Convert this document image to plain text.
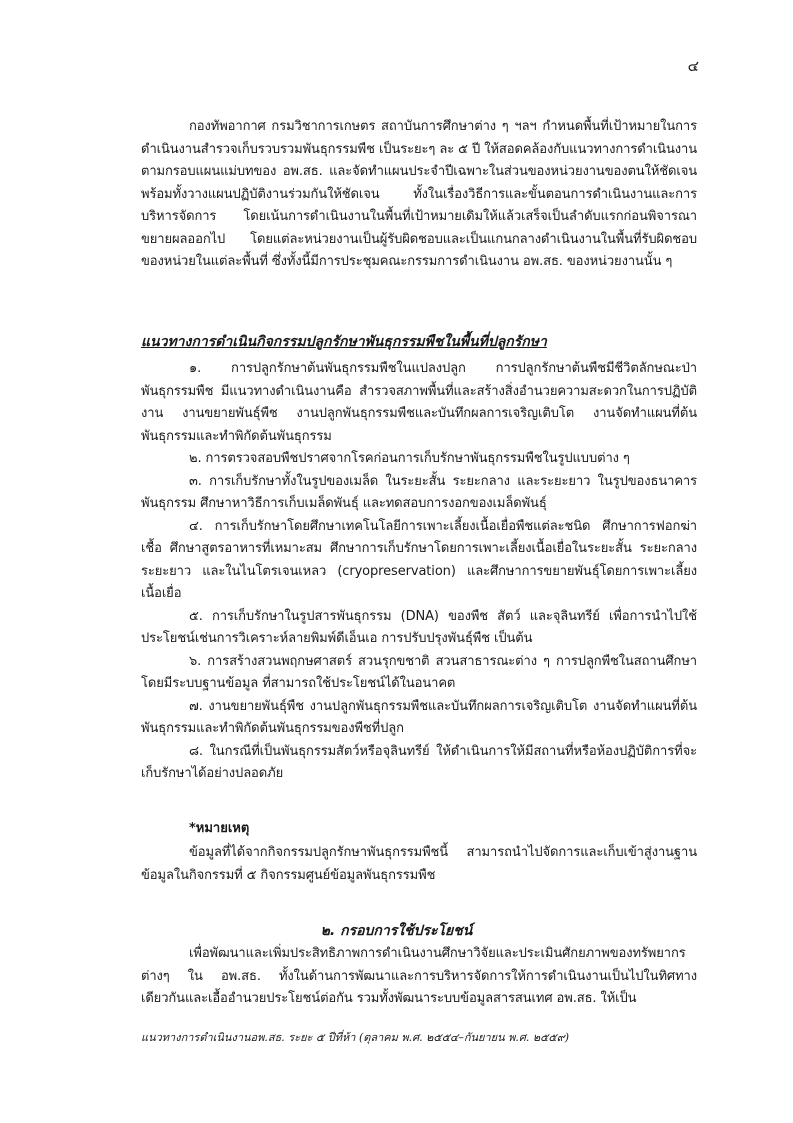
๔

กองทัพอากาศ กรมวิชาการเกษตร สถาบันการศึกษาต่าง ๆ ฯลฯ กำหนดพื้นที่เป้าหมายในการดำเนินงานสำรวจเก็บรวบรวมพันธุกรรมพืช เป็นระยะๆ ละ ๕ ปี ให้สอดคล้องกับแนวทางการดำเนินงานตามกรอบแผนแม่บทของ อพ.สธ. และจัดทำแผนประจำปีเฉพาะในส่วนของหน่วยงานของตนให้ชัดเจน พร้อมทั้งวางแผนปฏิบัติงานร่วมกันให้ชัดเจน ทั้งในเรื่องวิธีการและขั้นตอนการดำเนินงานและการบริหารจัดการ โดยเน้นการดำเนินงานในพื้นที่เป้าหมายเดิมให้แล้วเสร็จเป็นลำดับแรกก่อนพิจารณาขยายผลออกไป โดยแต่ละหน่วยงานเป็นผู้รับผิดชอบและเป็นแกนกลางดำเนินงานในพื้นที่รับผิดชอบของหน่วยในแต่ละพื้นที่ ซึ่งทั้งนี้มีการประชุมคณะกรรมการดำเนินงาน อพ.สธ. ของหน่วยงานนั้น ๆ

แนวทางการดำเนินกิจกรรมปลูกรักษาพันธุกรรมพืชในพื้นที่ปลูกรักษา

๑. การปลูกรักษาต้นพันธุกรรมพืชในแปลงปลูก การปลูกรักษาต้นพืชมีชีวิตลักษณะป่าพันธุกรรมพืช มีแนวทางดำเนินงานคือ สำรวจสภาพพื้นที่และสร้างสิ่งอำนวยความสะดวกในการปฏิบัติงาน งานขยายพันธุ์พืช งานปลูกพันธุกรรมพืชและบันทึกผลการเจริญเติบโต งานจัดทำแผนที่ต้นพันธุกรรมและทำพิกัดต้นพันธุกรรม

๒. การตรวจสอบพืชปราศจากโรคก่อนการเก็บรักษาพันธุกรรมพืชในรูปแบบต่าง ๆ

๓. การเก็บรักษาทั้งในรูปของเมล็ด ในระยะสั้น ระยะกลาง และระยะยาว ในรูปของธนาคารพันธุกรรม ศึกษาหาวิธีการเก็บเมล็ดพันธุ์ และทดสอบการงอกของเมล็ดพันธุ์

๔. การเก็บรักษาโดยศึกษาเทคโนโลยีการเพาะเลี้ยงเนื้อเยื่อพืชแต่ละชนิด ศึกษาการฟอกฆ่าเชื้อ ศึกษาสูตรอาหารที่เหมาะสม ศึกษาการเก็บรักษาโดยการเพาะเลี้ยงเนื้อเยื่อในระยะสั้น ระยะกลาง ระยะยาว และในไนโตรเจนเหลว (cryopreservation) และศึกษาการขยายพันธุ์โดยการเพาะเลี้ยงเนื้อเยื่อ

๕. การเก็บรักษาในรูปสารพันธุกรรม (DNA) ของพืช สัตว์ และจุลินทรีย์ เพื่อการนำไปใช้ประโยชน์เช่นการวิเคราะห์ลายพิมพ์ดีเอ็นเอ การปรับปรุงพันธุ์พืช เป็นต้น

๖. การสร้างสวนพฤกษศาสตร์ สวนรุกขชาติ สวนสาธารณะต่าง ๆ การปลูกพืชในสถานศึกษาโดยมีระบบฐานข้อมูล ที่สามารถใช้ประโยชน์ได้ในอนาคต

๗. งานขยายพันธุ์พืช งานปลูกพันธุกรรมพืชและบันทึกผลการเจริญเติบโต งานจัดทำแผนที่ต้นพันธุกรรมและทำพิกัดต้นพันธุกรรมของพืชที่ปลูก

๘. ในกรณีที่เป็นพันธุกรรมสัตว์หรือจุลินทรีย์ ให้ดำเนินการให้มีสถานที่หรือห้องปฏิบัติการที่จะเก็บรักษาได้อย่างปลอดภัย

*หมายเหตุ

ข้อมูลที่ได้จากกิจกรรมปลูกรักษาพันธุกรรมพืชนี้ สามารถนำไปจัดการและเก็บเข้าสู่งานฐานข้อมูลในกิจกรรมที่ ๕ กิจกรรมศูนย์ข้อมูลพันธุกรรมพืช

๒. กรอบการใช้ประโยชน์

เพื่อพัฒนาและเพิ่มประสิทธิภาพการดำเนินงานศึกษาวิจัยและประเมินศักยภาพของทรัพยากรต่างๆ ใน อพ.สธ. ทั้งในด้านการพัฒนาและการบริหารจัดการให้การดำเนินงานเป็นไปในทิศทางเดียวกันและเอื้ออำนวยประโยชน์ต่อกัน รวมทั้งพัฒนาระบบข้อมูลสารสนเทศ อพ.สธ. ให้เป็น

แนวทางการดำเนินงานอพ.สธ. ระยะ ๕ ปีที่ห้า (ตุลาคม พ.ศ. ๒๕๕๔–กันยายน พ.ศ. ๒๕๕๙)
